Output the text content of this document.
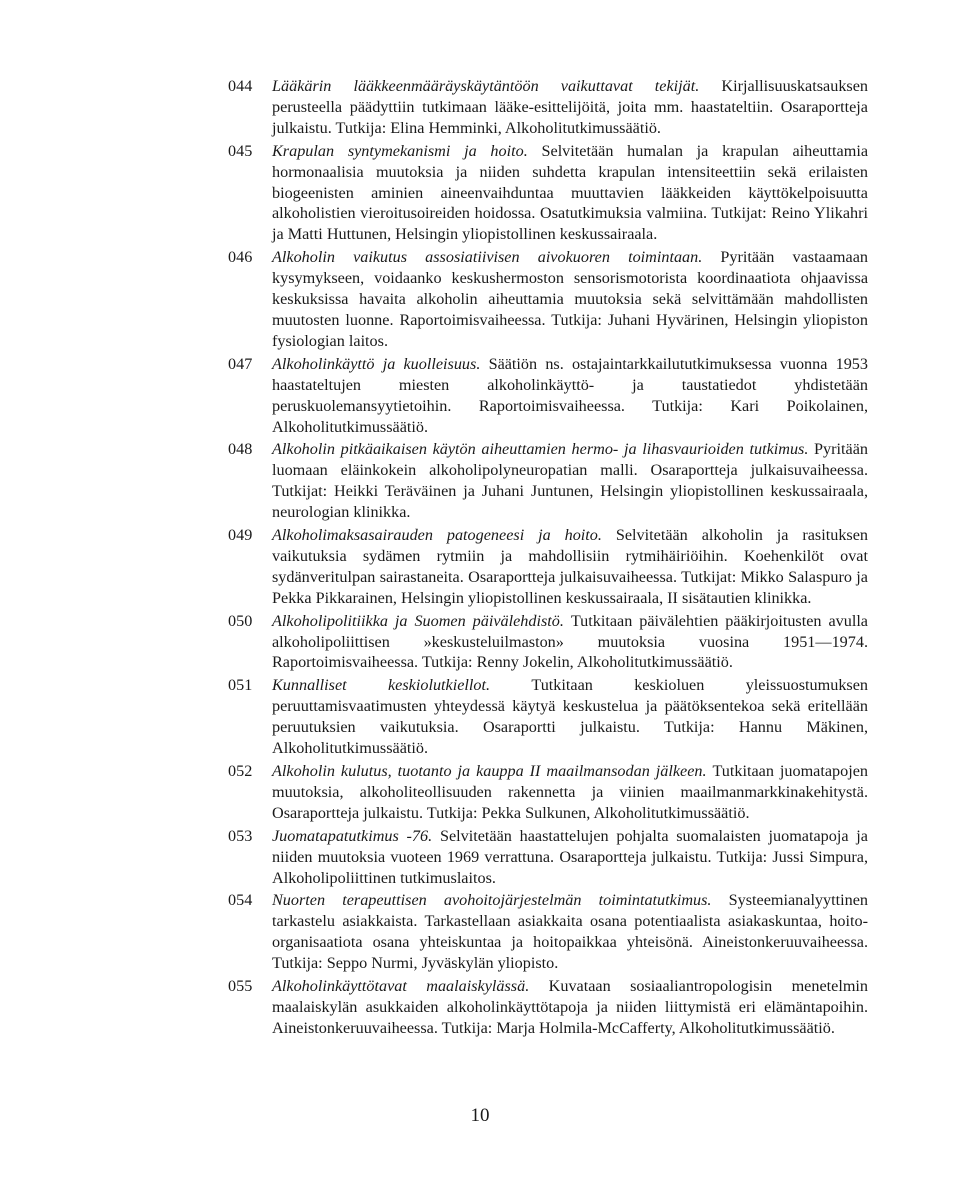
044	Lääkärin lääkkeenmääräyskäytäntöön vaikuttavat tekijät. Kirjallisuuskatsauksen perusteella päädyttiin tutkimaan lääke-esittelijöitä, joita mm. haastateltiin. Osaraportteja julkaistu. Tutkija: Elina Hemminki, Alkoholitutkimussäätiö.
045	Krapulan syntymekanismi ja hoito. Selvitetään humalan ja krapulan aiheuttamia hormonaalisia muutoksia ja niiden suhdetta krapulan intensiteettiin sekä erilaisten biogeenisten aminien aineenvaihduntaa muuttavien lääkkeiden käyttökelpoisuutta alkoholistien vieroitusoireiden hoidossa. Osatutkimuksia valmiina. Tutkijat: Reino Ylikahri ja Matti Huttunen, Helsingin yliopistollinen keskussairaala.
046	Alkoholin vaikutus assosiatiivisen aivokuoren toimintaan. Pyritään vastaamaan kysymykseen, voidaanko keskushermoston sensorismotorista koordinaatiota ohjaavissa keskuksissa havaita alkoholin aiheuttamia muutoksia sekä selvittämään mahdollisten muutosten luonne. Raportoimisvaiheessa. Tutkija: Juhani Hyvärinen, Helsingin yliopiston fysiologian laitos.
047	Alkoholinkäyttö ja kuolleisuus. Säätiön ns. ostajaintarkkailututkimuksessa vuonna 1953 haastateltujen miesten alkoholinkäyttö- ja taustatiedot yhdistetään peruskuolemansyytietoihin. Raportoimisvaiheessa. Tutkija: Kari Poikolainen, Alkoholitutkimussäätiö.
048	Alkoholin pitkäaikaisen käytön aiheuttamien hermo- ja lihasvaurioiden tutkimus. Pyritään luomaan eläinkokein alkoholipolyneuropatian malli. Osaraportteja julkaisuvaiheessa. Tutkijat: Heikki Teräväinen ja Juhani Juntunen, Helsingin yliopistollinen keskussairaala, neurologian klinikka.
049	Alkoholimaksasairauden patogeneesi ja hoito. Selvitetään alkoholin ja rasituksen vaikutuksia sydämen rytmiin ja mahdollisiin rytmihäiriöihin. Koehenkilöt ovat sydänveritulpan sairastaneita. Osaraportteja julkaisuvaiheessa. Tutkijat: Mikko Salaspuro ja Pekka Pikkarainen, Helsingin yliopistollinen keskussairaala, II sisätautien klinikka.
050	Alkoholipolitiikka ja Suomen päivälehdistö. Tutkitaan päivälehtien pääkirjoitusten avulla alkoholipoliittisen »keskusteluilmaston» muutoksia vuosina 1951—1974. Raportoimisvaiheessa. Tutkija: Renny Jokelin, Alkoholitutkimussäätiö.
051	Kunnalliset keskiolutkiellot. Tutkitaan keskioluen yleissuostumuksen peruuttamisvaatimusten yhteydessä käytyä keskustelua ja päätöksentekoa sekä eritellään peruutuksien vaikutuksia. Osaraportti julkaistu. Tutkija: Hannu Mäkinen, Alkoholitutkimussäätiö.
052	Alkoholin kulutus, tuotanto ja kauppa II maailmansodan jälkeen. Tutkitaan juomatapojen muutoksia, alkoholiteollisuuden rakennetta ja viinien maailmanmarkkinakehitystä. Osaraportteja julkaistu. Tutkija: Pekka Sulkunen, Alkoholitutkimussäätiö.
053	Juomatapatutkimus -76. Selvitetään haastattelujen pohjalta suomalaisten juomatapoja ja niiden muutoksia vuoteen 1969 verrattuna. Osaraportteja julkaistu. Tutkija: Jussi Simpura, Alkoholipoliittinen tutkimuslaitos.
054	Nuorten terapeuttisen avohoitojärjestelmän toimintatutkimus. Systeemianalyyttinen tarkastelu asiakkaista. Tarkastellaan asiakkaita osana potentiaalista asiakaskuntaa, hoito-organisaatiota osana yhteiskuntaa ja hoitopaikkaa yhteisönä. Aineistonkeruuvaiheessa. Tutkija: Seppo Nurmi, Jyväskylän yliopisto.
055	Alkoholinkäyttötavat maalaiskylässä. Kuvataan sosiaaliantropologisin menetelmin maalaiskylän asukkaiden alkoholinkäyttötapoja ja niiden liittymistä eri elämäntapoihin. Aineistonkeruuvaiheessa. Tutkija: Marja Holmila-McCafferty, Alkoholitutkimussäätiö.
10
